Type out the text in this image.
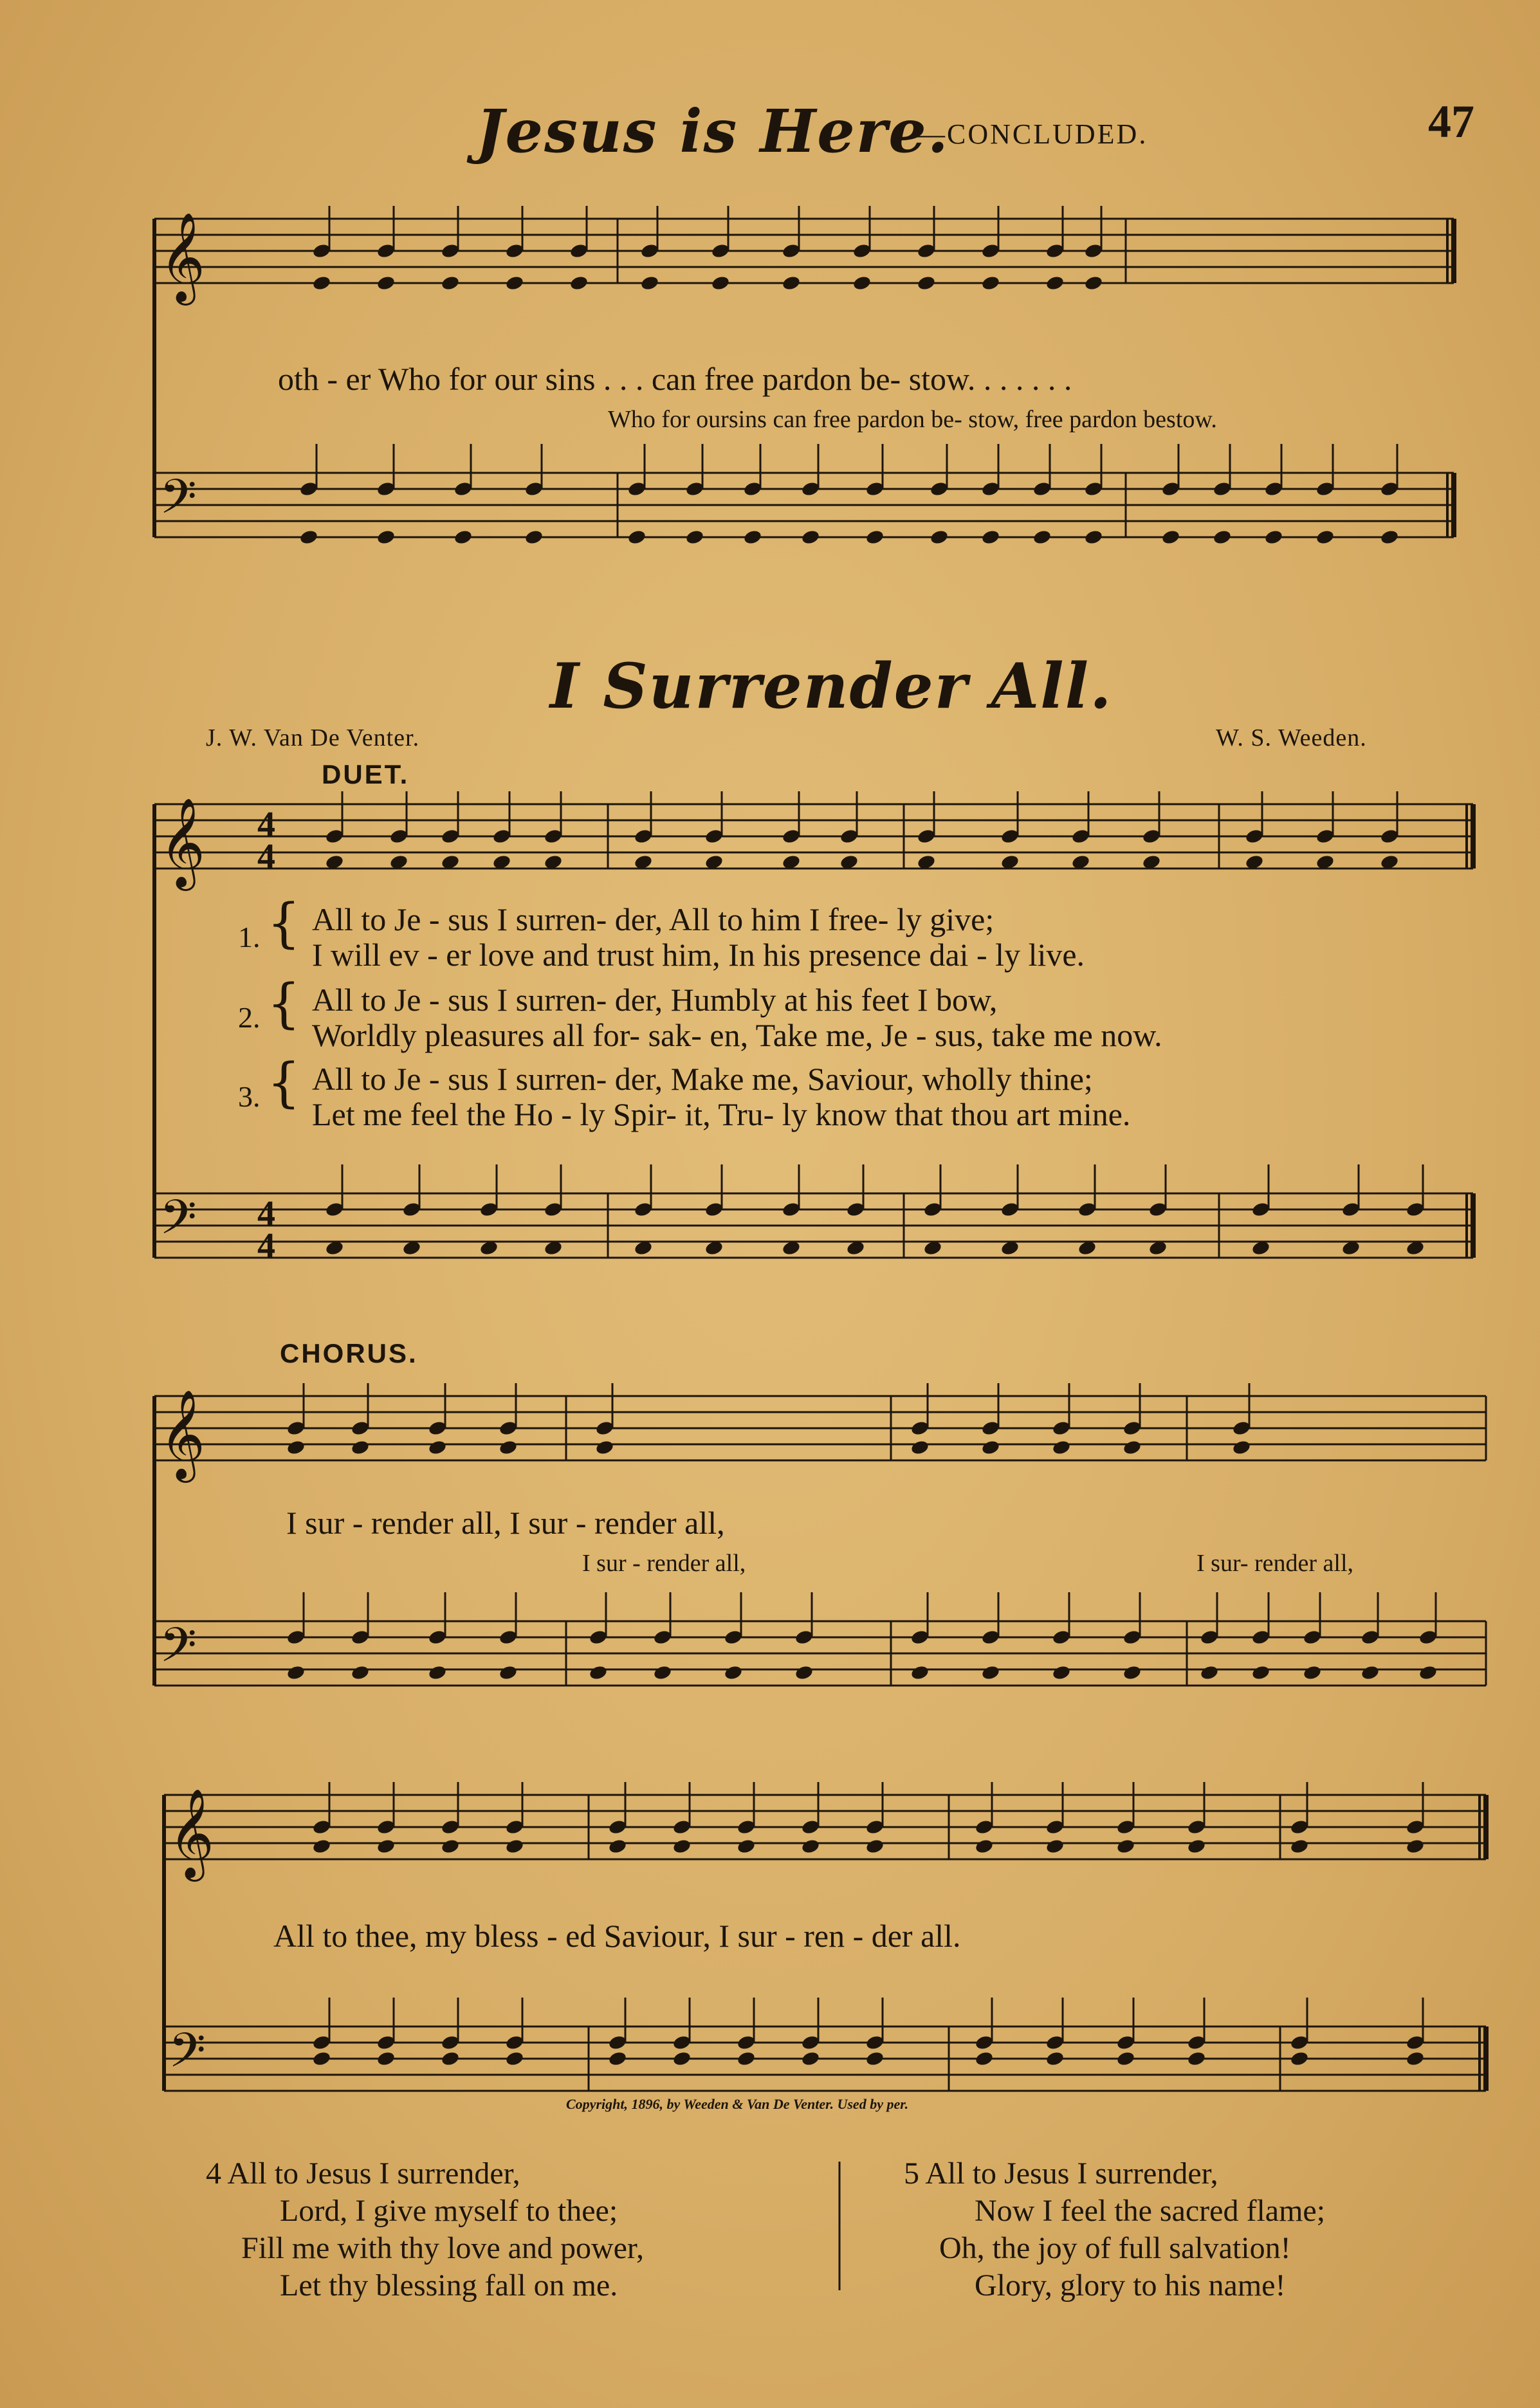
Jesus is Here.
—CONCLUDED.	47
𝄞
𝄢
𝄞
𝄢
𝄞
𝄢
𝄞
𝄢
4
4
4
4
oth - er Who for our sins . . . can free pardon be- stow. . . . . . .
Who for oursins can free pardon be- stow, free pardon bestow.
I Surrender All.
J. W. Van De Venter.	W. S. Weeden.
DUET.
1. { All to Je - sus I surren- der, All to him I free- ly give;
I will ev - er love and trust him, In his presence dai - ly live.
2. { All to Je - sus I surren- der, Humbly at his feet I bow,
Worldly pleasures all for- sak- en, Take me, Je - sus, take me now.
3. { All to Je - sus I surren- der, Make me, Saviour, wholly thine;
Let me feel the Ho - ly Spir- it, Tru- ly know that thou art mine.
CHORUS.
I sur - render all, I sur - render all,
I sur - render all,	I sur- render all,
All to thee, my bless - ed Saviour, I sur - ren - der all.
Copyright, 1896, by Weeden & Van De Venter. Used by per.
4 All to Jesus I surrender,
Lord, I give myself to thee;
Fill me with thy love and power,
Let thy blessing fall on me.
5 All to Jesus I surrender,
Now I feel the sacred flame;
Oh, the joy of full salvation!
Glory, glory to his name!
